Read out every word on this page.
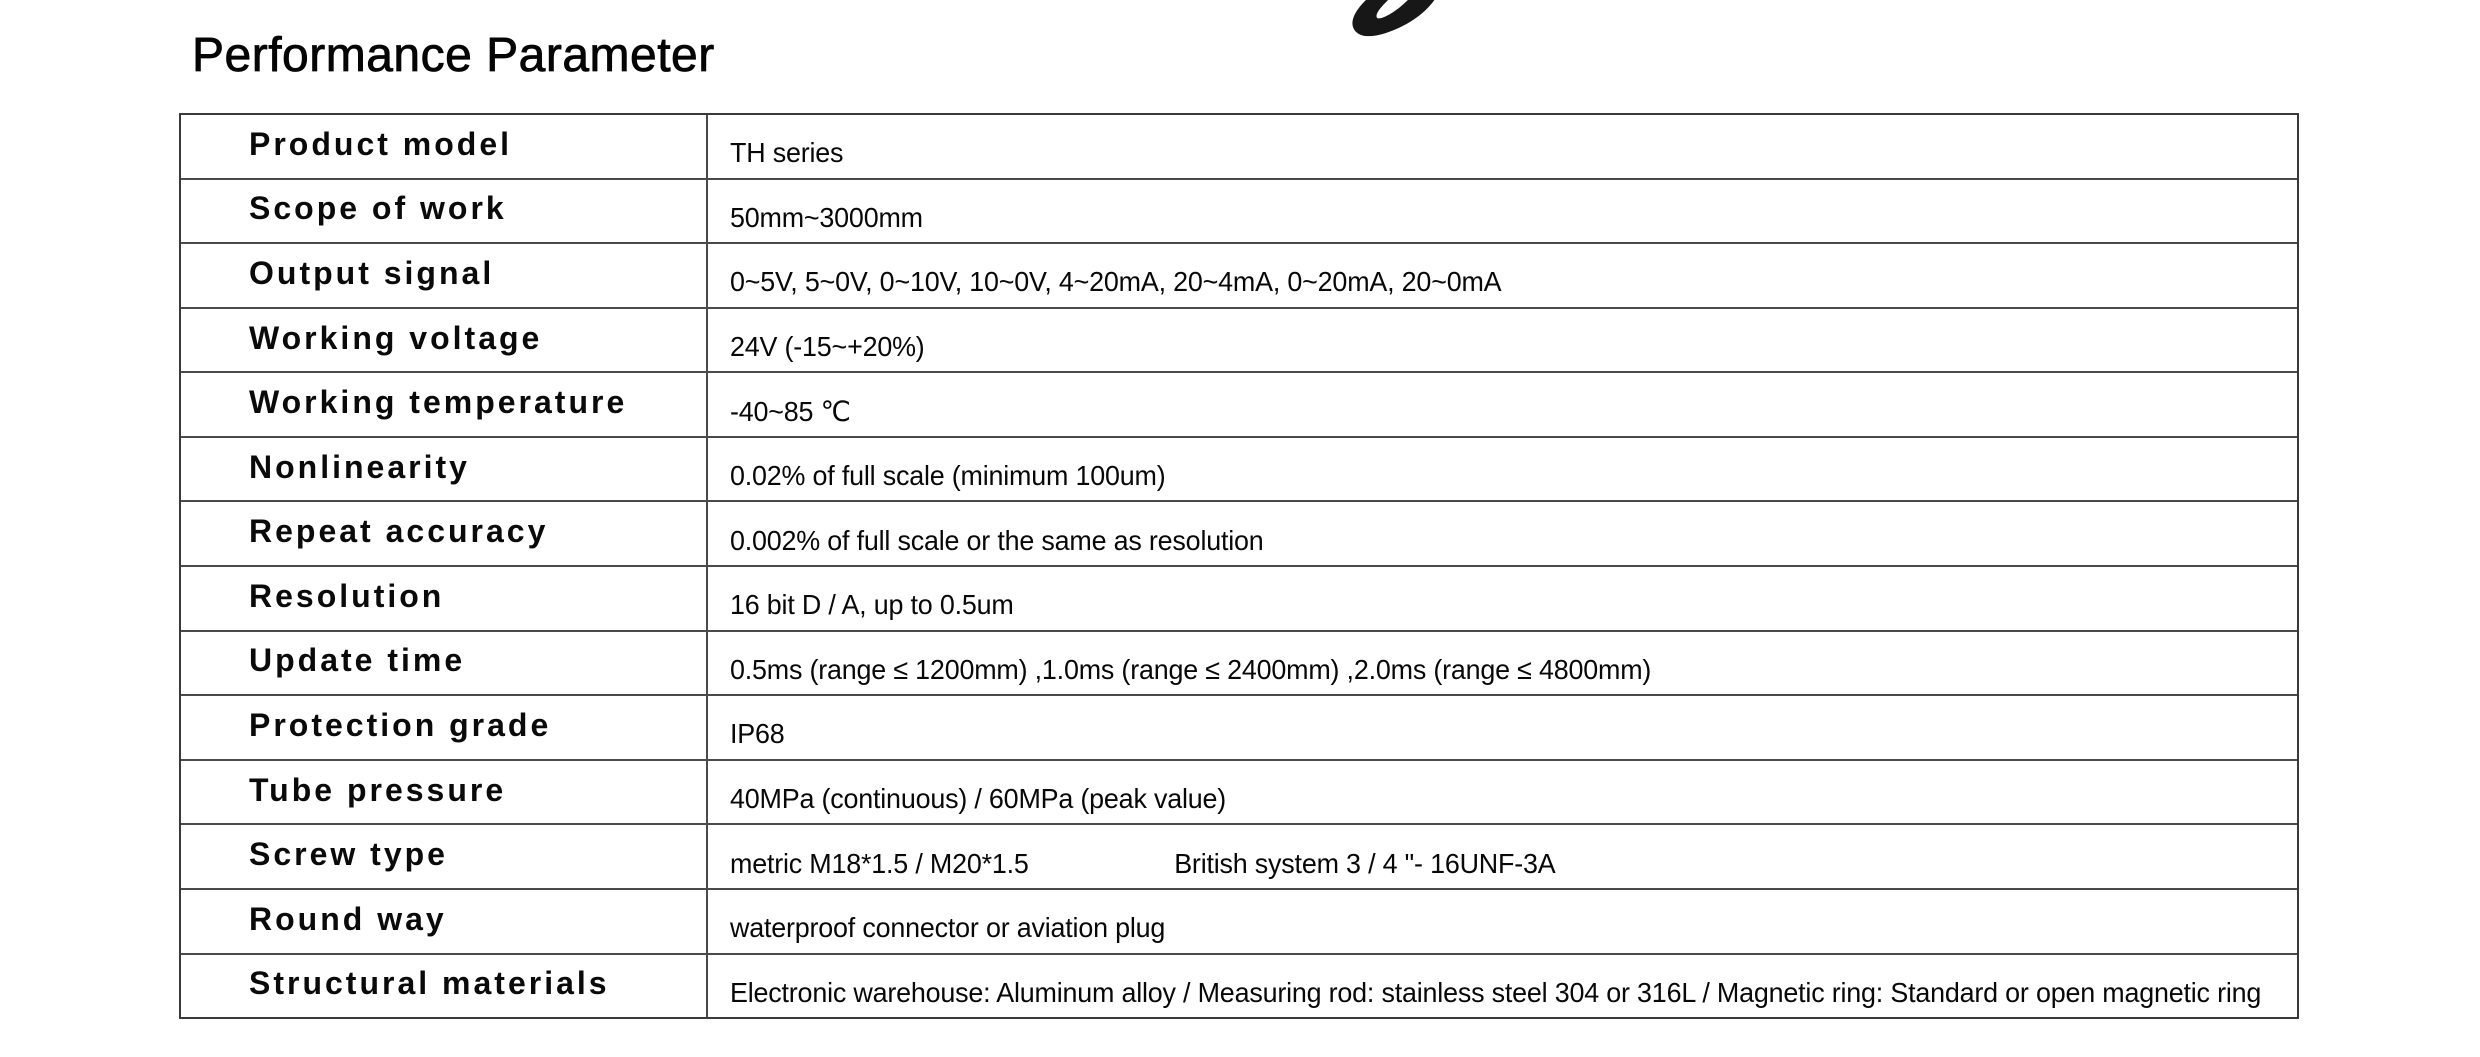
Performance Parameter
Product model	TH series
Scope of work	50mm~3000mm
Output signal	0~5V, 5~0V, 0~10V, 10~0V, 4~20mA, 20~4mA, 0~20mA, 20~0mA
Working voltage	24V (-15~+20%)
Working temperature	-40~85 ℃
Nonlinearity	0.02% of full scale (minimum 100um)
Repeat accuracy	0.002% of full scale or the same as resolution
Resolution	16 bit D / A, up to 0.5um
Update time	0.5ms (range ≤ 1200mm) ,1.0ms (range ≤ 2400mm) ,2.0ms (range ≤ 4800mm)
Protection grade	IP68
Tube pressure	40MPa (continuous) / 60MPa (peak value)
Screw type	metric M18*1.5 / M20*1.5                    British system 3 / 4 "- 16UNF-3A
Round way	waterproof connector or aviation plug
Structural materials	Electronic warehouse: Aluminum alloy / Measuring rod: stainless steel 304 or 316L / Magnetic ring: Standard or open magnetic ring
